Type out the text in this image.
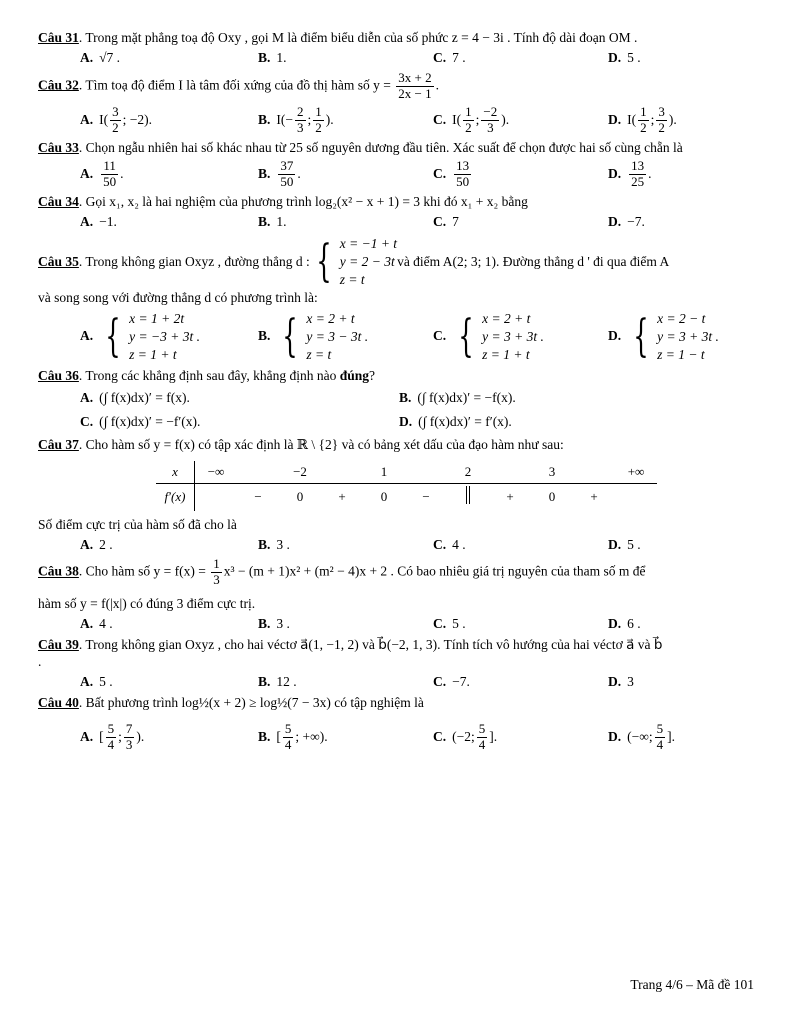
Câu 31. Trong mặt phẳng toạ độ Oxy , gọi M là điểm biểu diễn của số phức z = 4 − 3i . Tính độ dài đoạn OM .
A. √7 .	B. 1.	C. 7 .	D. 5 .
Câu 32. Tìm toạ độ điểm I là tâm đối xứng của đồ thị hàm số $y = \frac{3x + 2}{2x - 1}$ .
A. $I( \frac{3}{2}$ ; −2).	B. $I(- \frac{2}{3}$ ; $\frac{1}{2}$ ).	C. $I( \frac{1}{2}$ ; $\frac{-2}{3}$ ).	D. $I( \frac{1}{2}$ ; $\frac{3}{2}$ ).
Câu 33. Chọn ngẫu nhiên hai số khác nhau từ 25 số nguyên dương đầu tiên. Xác suất để chọn được hai số cùng chẵn là
A. $\frac{11}{50}$ .	B. $\frac{37}{50}$ .	C. $\frac{13}{50}$	D. $\frac{13}{25}$ .
Câu 34. Gọi x₁, x₂ là hai nghiệm của phương trình log₂(x² − x + 1) = 3 khi đó x₁ + x₂ bằng
A. −1.	B. 1.	C. 7	D. −7.
Câu 35 . Trong không gian Oxyz , đường thẳng d : { x = −1 + t
y = 2 − 3t
z = t
và điểm A(2; 3; 1). Đường thẳng d ' đi qua điểm A
và song song với đường thẳng d có phương trình là:
A. { x = 1 + 2t
y = −3 + 3t .
z = 1 + t
B. { x = 2 + t
y = 3 − 3t .
z = t
C. { x = 2 + t
y = 3 + 3t .
z = 1 + t
D. { x = 2 − t
y = 3 + 3t .
z = 1 − t
Câu 36. Trong các khẳng định sau đây, khẳng định nào đúng?
A. (∫ f(x)dx)′ = f(x).	B. (∫ f(x)dx)′ = −f(x).
C. (∫ f(x)dx)′ = −f′(x).	D. (∫ f(x)dx)′ = f′(x).
Câu 37. Cho hàm số y = f(x) có tập xác định là ℝ \ {2} và có bảng xét dấu của đạo hàm như sau:
x	−∞		−2		1		2		3		+∞
f′(x)		−	0	+	0	−		+	0	+	
Số điểm cực trị của hàm số đã cho là
A. 2 .	B. 3 .	C. 4 .	D. 5 .
Câu 38. Cho hàm số $y = f(x) = \frac{1}{3} x^3 - (m + 1)x^2 + (m^2 - 4)x + 2$ . Có bao nhiêu giá trị nguyên của tham số m để
hàm số y = f(|x|) có đúng 3 điểm cực trị.
A. 4 .	B. 3 .	C. 5 .	D. 6 .
Câu 39. Trong không gian Oxyz , cho hai véctơ a⃗(1, −1, 2) và b⃗(−2, 1, 3). Tính tích vô hướng của hai véctơ a⃗ và b⃗
.
A. 5 .	B. 12 .	C. −7.	D. 3
Câu 40. Bất phương trình log½(x + 2) ≥ log½(7 − 3x) có tập nghiệm là
A. [ $\frac{5}{4}$ ; $\frac{7}{3}$ ).	B. [ $\frac{5}{4}$ ; +∞).	C. (−2; $\frac{5}{4}$ ].	D. (−∞; $\frac{5}{4}$ ].
Trang 4/6 – Mã đề 101
